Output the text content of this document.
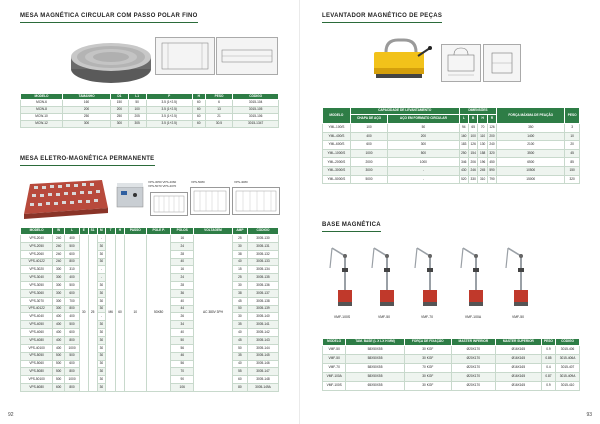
MESA MAGNÉTICA CIRCULAR COM PASSO POLAR FINO
MODELO	TAMANHO	D1	L1	P	H	PESO	CÓDIGO
MCW-6	160	150	50	3.5 (1+2.5)	60	6	3015-104
MCW-8	200	200	100	3.5 (1+2.5)	60	13	3015-105
MCW-10	250	250	205	3.5 (1+2.5)	60	21	3015-106
MCW-12	300	300	305	3.5 (1+2.5)	60	30.5	3015-1347
MESA ELETRO-MAGNÉTICA PERMANENTE
VPS-3050 VPS-4060
VPS-5070 VPS-4070
VPS-5080	VPS-4080
MODELO	W	L	E	S1	M	T	H	PASSO	POLE P.	POLOS	VOLTAGEM	AMP	CÓDIGO
VPS-2040	240	400	30	25	-	M6	60	10	50X80	16	AC 380V 3PH	25	3005-130
VPS-2050	240	500			30					24		30	3005-131
VPS-2060	240	600			30					28		38	3005-132
VPS-40122	240	800			30					40		40	3005-133
VPS-3020	300	310			-					16		15	3005-134
VPS-3040	300	400			-					24		25	3005-135
VPS-3050	300	500			30					28		30	3005-136
VPS-3060	300	600			30					36		38	3005-137
VPS-3070	300	700			30					40		45	3005-138
VPS-40122	300	800			30					44		50	3005-139
VPS-4040	400	400			-					26		30	3005-140
VPS-4050	400	500			30					34		35	3005-141
VPS-4060	400	600			30					40		40	3005-142
VPS-4080	400	800			30					50		45	3005-143
VPS-40100	400	1000			30					56		50	3005-144
VPS-5050	500	500			30					46		35	3005-145
VPS-5060	500	600			30					56		40	3005-146
VPS-5080	500	800			30					70		55	3005-147
VPS-50100	500	1000			30					90		60	3005-148
VPS-6080	600	800			30					106		80	3005-149A
92
LEVANTADOR MAGNÉTICO DE PEÇAS
MODELO	CAPACIDADE DE LEVANTAMENTO		DIMENSÕES				FORÇA MÁXIMA DE PEAÇÃO	PESO
	CHAPA DE AÇO	AÇO EM FORMATO CIRCULAR	L	B	H	R		
YML-100/S	100	50	94	65	70	126	350	3
YML-400/S	400	200	160	100	110	200	1400	10
YML-600/S	600	300	183	126	130	240	2100	20
YML-1000/S	1000	500	250	154	158	320	3500	45
YML-2000/S	2000	1000	346	206	196	450	6500	85
YML-3000/S	3000	-	430	246	245	590	10500	150
YML-5000/S	5000	-	520	330	310	790	15000	320
BASE MAGNÉTICA
VMF-100S	VMF-50	VMF-70	VMF-100A	VMF-50
MODELO	TAM. BASE (L X LX H MM)	FORÇA DE FIXAÇÃO	MASTER INFERIOR	MASTER SUPERIOR	PESO	CÓDIGO
VMF-50	58X50X55	30 KGF	Ø20X170	Ø16X165	0.9	3015-406
VMF-50	58X50X55	30 KGF	Ø20X170	Ø16X165	0.85	3015-406A
VMF-70	58X50X55	70 KGF	Ø20X170	Ø16X165	0.4	3015-407
VMF-100A	58X50X55	30 KGF	Ø20X170	Ø16X165	0.87	3015-409A
VMF-100S	65X50X55	30 KGF	Ø20X170	Ø16X165	0.9	3015-410
93
